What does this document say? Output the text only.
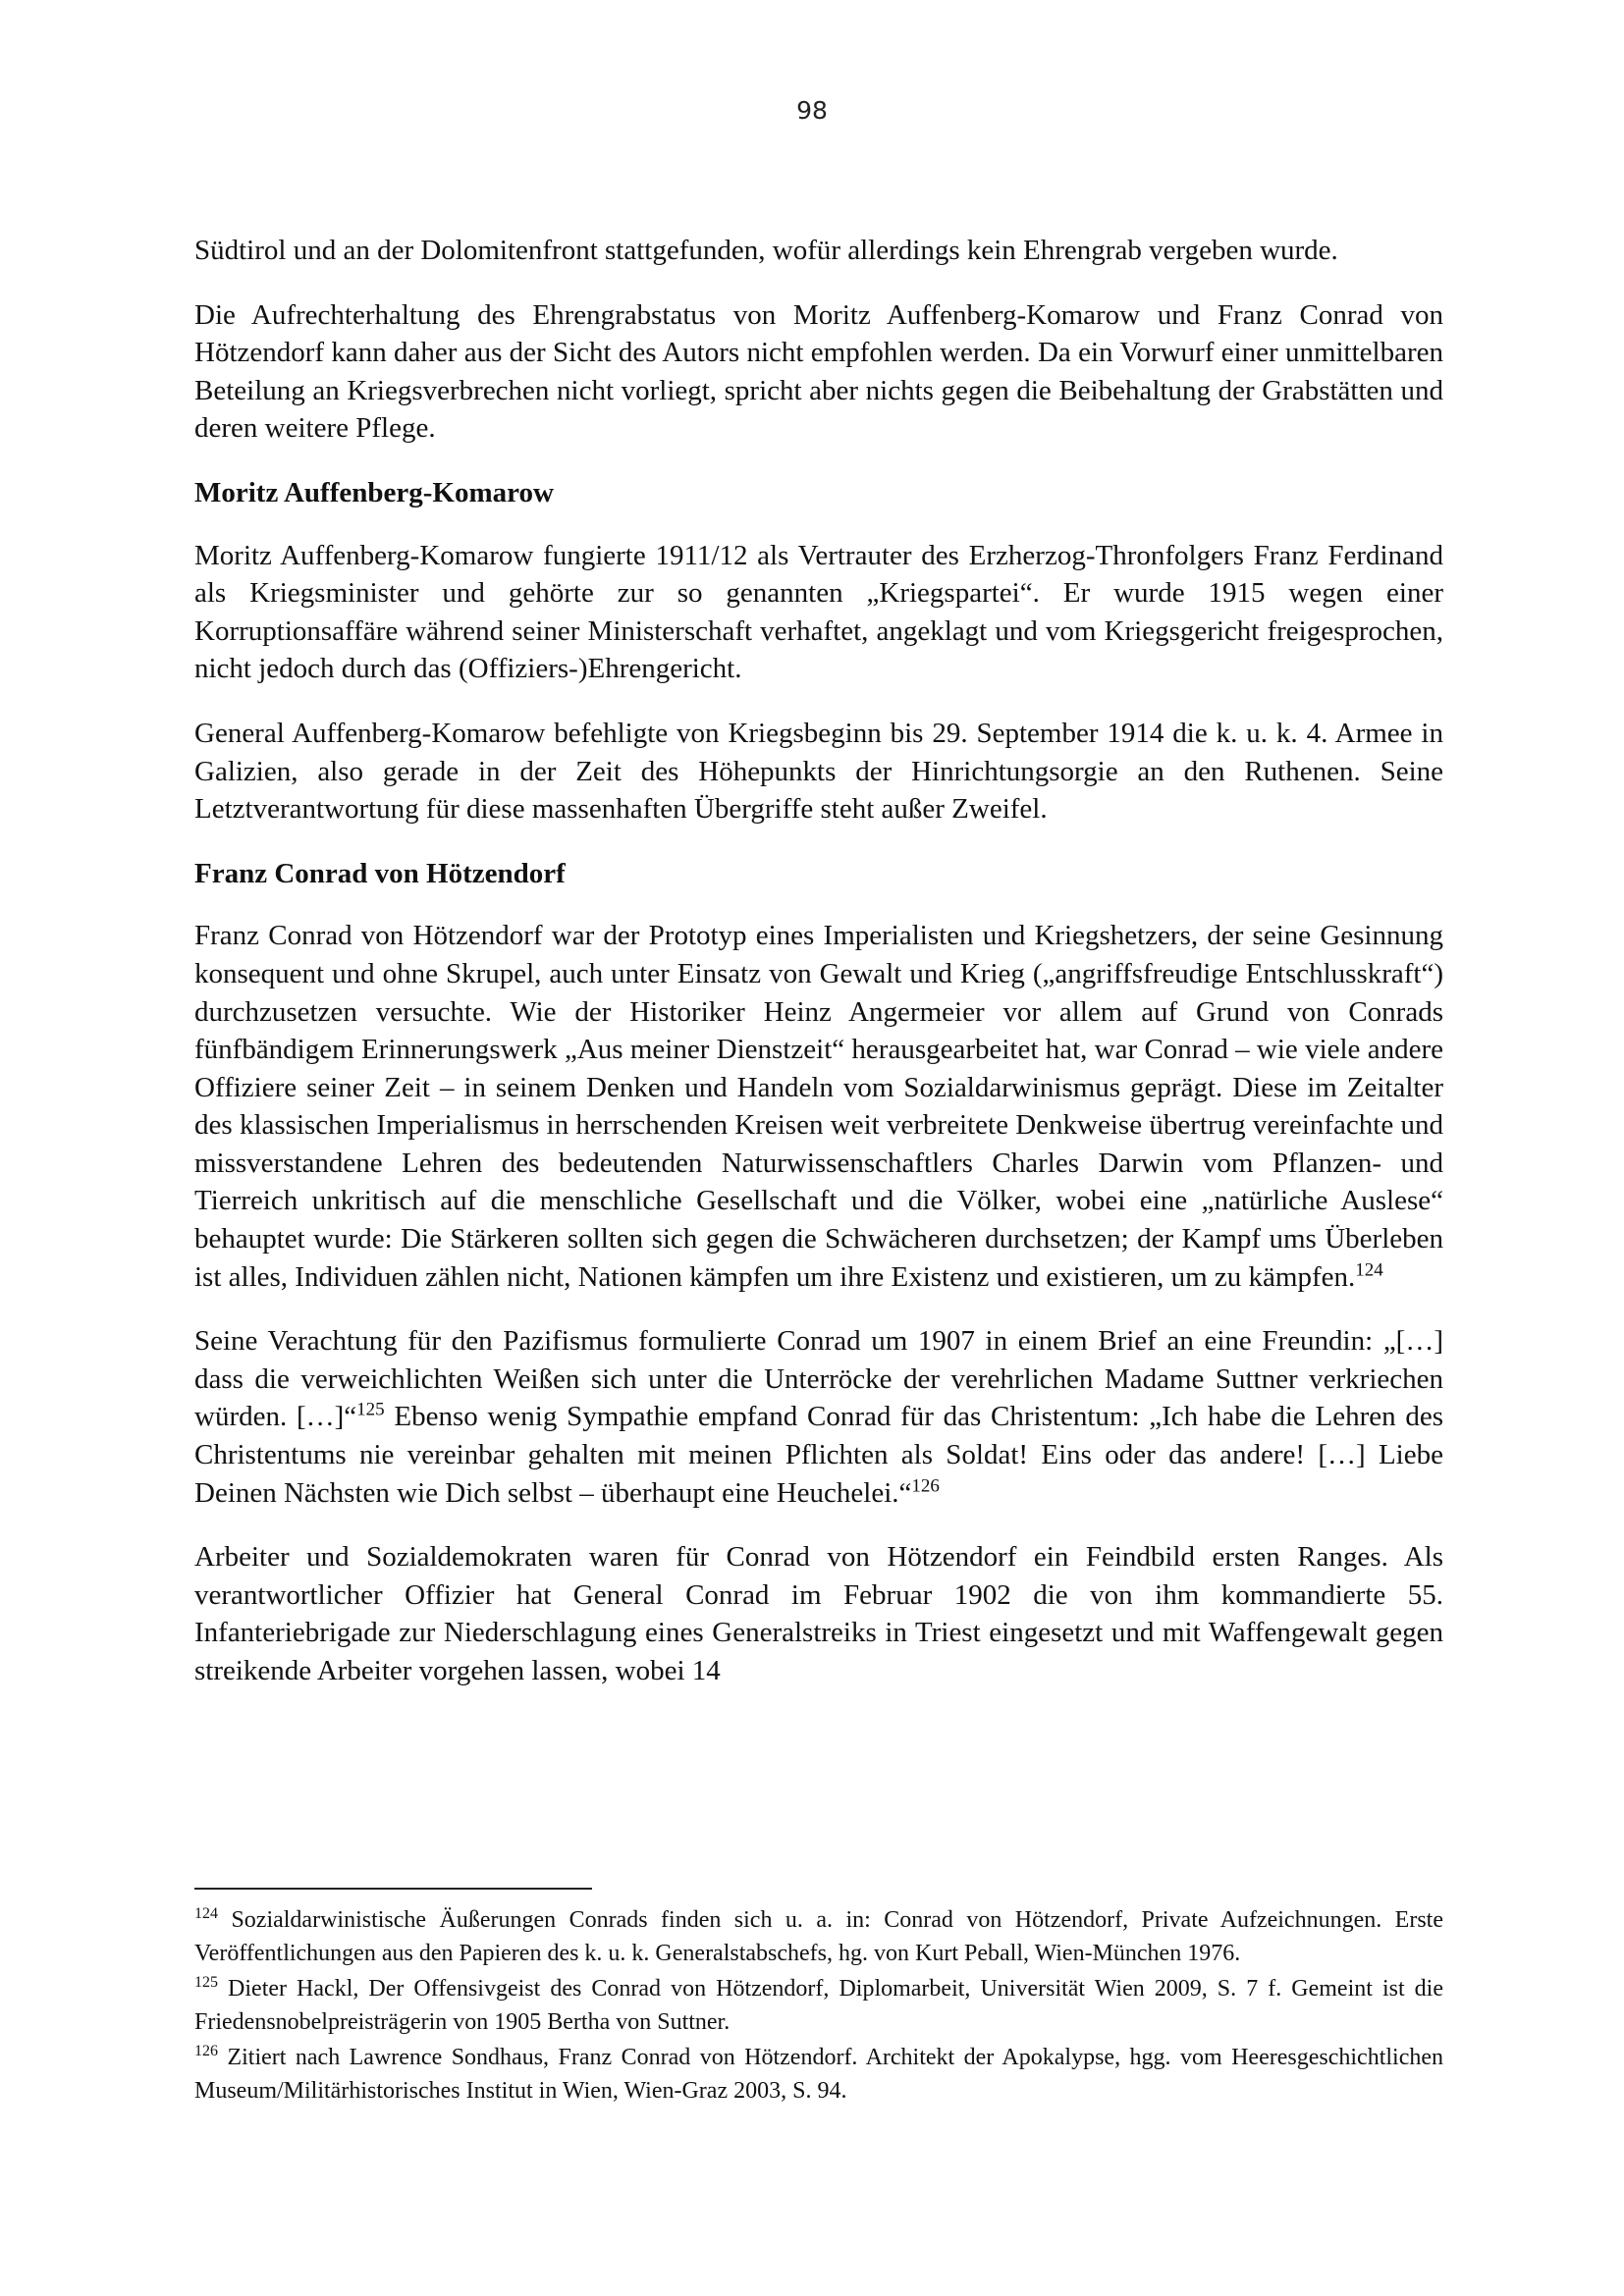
98

Südtirol und an der Dolomitenfront stattgefunden, wofür allerdings kein Ehrengrab vergeben wurde.

Die Aufrechterhaltung des Ehrengrabstatus von Moritz Auffenberg-Komarow und Franz Conrad von Hötzendorf kann daher aus der Sicht des Autors nicht empfohlen werden. Da ein Vorwurf einer unmittelbaren Beteilung an Kriegsverbrechen nicht vorliegt, spricht aber nichts gegen die Beibehaltung der Grabstätten und deren weitere Pflege.

Moritz Auffenberg-Komarow

Moritz Auffenberg-Komarow fungierte 1911/12 als Vertrauter des Erzherzog-Thronfolgers Franz Ferdinand als Kriegsminister und gehörte zur so genannten „Kriegspartei“. Er wurde 1915 wegen einer Korruptionsaffäre während seiner Ministerschaft verhaftet, angeklagt und vom Kriegsgericht freigesprochen, nicht jedoch durch das (Offiziers-)Ehrengericht.

General Auffenberg-Komarow befehligte von Kriegsbeginn bis 29. September 1914 die k. u. k. 4. Armee in Galizien, also gerade in der Zeit des Höhepunkts der Hinrichtungsorgie an den Ruthenen. Seine Letztverantwortung für diese massenhaften Übergriffe steht außer Zweifel.

Franz Conrad von Hötzendorf

Franz Conrad von Hötzendorf war der Prototyp eines Imperialisten und Kriegshetzers, der seine Gesinnung konsequent und ohne Skrupel, auch unter Einsatz von Gewalt und Krieg („angriffsfreudige Entschlusskraft“) durchzusetzen versuchte. Wie der Historiker Heinz Angermeier vor allem auf Grund von Conrads fünfbändigem Erinnerungswerk „Aus meiner Dienstzeit“ herausgearbeitet hat, war Conrad – wie viele andere Offiziere seiner Zeit – in seinem Denken und Handeln vom Sozialdarwinismus geprägt. Diese im Zeitalter des klassischen Imperialismus in herrschenden Kreisen weit verbreitete Denkweise übertrug vereinfachte und missverstandene Lehren des bedeutenden Naturwissenschaftlers Charles Darwin vom Pflanzen- und Tierreich unkritisch auf die menschliche Gesellschaft und die Völker, wobei eine „natürliche Auslese“ behauptet wurde: Die Stärkeren sollten sich gegen die Schwächeren durchsetzen; der Kampf ums Überleben ist alles, Individuen zählen nicht, Nationen kämpfen um ihre Existenz und existieren, um zu kämpfen.$^{124}$

Seine Verachtung für den Pazifismus formulierte Conrad um 1907 in einem Brief an eine Freundin: „[…] dass die verweichlichten Weißen sich unter die Unterröcke der verehrlichen Madame Suttner verkriechen würden. […]“$^{125}$ Ebenso wenig Sympathie empfand Conrad für das Christentum: „Ich habe die Lehren des Christentums nie vereinbar gehalten mit meinen Pflichten als Soldat! Eins oder das andere! […] Liebe Deinen Nächsten wie Dich selbst – überhaupt eine Heuchelei.“$^{126}$

Arbeiter und Sozialdemokraten waren für Conrad von Hötzendorf ein Feindbild ersten Ranges. Als verantwortlicher Offizier hat General Conrad im Februar 1902 die von ihm kommandierte 55. Infanteriebrigade zur Niederschlagung eines Generalstreiks in Triest eingesetzt und mit Waffengewalt gegen streikende Arbeiter vorgehen lassen, wobei 14

$^{124}$ Sozialdarwinistische Äußerungen Conrads finden sich u. a. in: Conrad von Hötzendorf, Private Aufzeichnungen. Erste Veröffentlichungen aus den Papieren des k. u. k. Generalstabschefs, hg. von Kurt Peball, Wien-München 1976.
$^{125}$ Dieter Hackl, Der Offensivgeist des Conrad von Hötzendorf, Diplomarbeit, Universität Wien 2009, S. 7 f. Gemeint ist die Friedensnobelpreisträgerin von 1905 Bertha von Suttner.
$^{126}$ Zitiert nach Lawrence Sondhaus, Franz Conrad von Hötzendorf. Architekt der Apokalypse, hgg. vom Heeresgeschichtlichen Museum/Militärhistorisches Institut in Wien, Wien-Graz 2003, S. 94.
